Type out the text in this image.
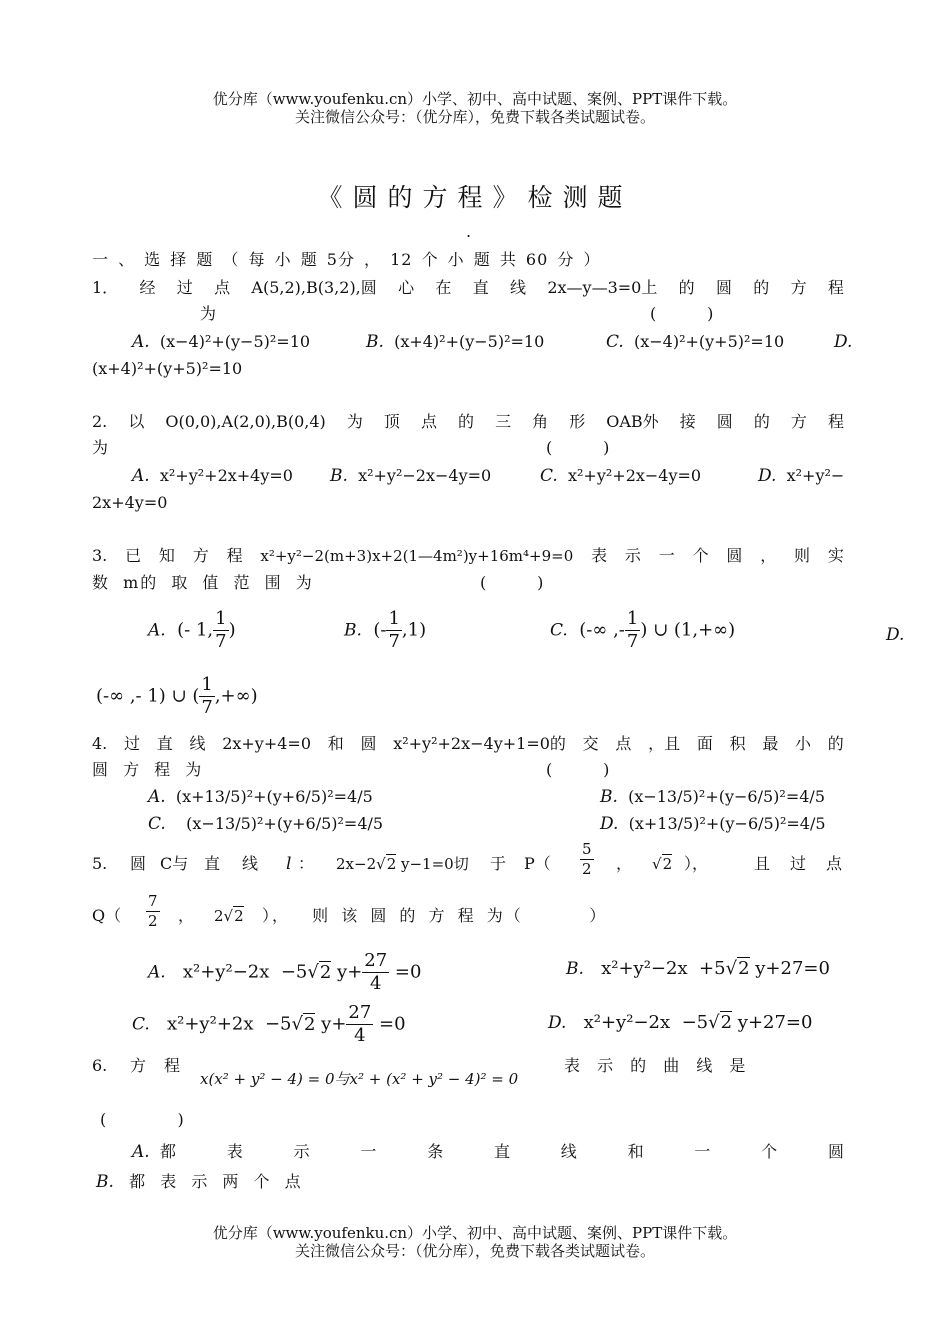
优分库（www.youfenku.cn）小学、初中、高中试题、案例、PPT课件下载。
关注微信公众号：（优分库），免费下载各类试题试卷。
《圆的方程》检测题
.
一 、 选 择 题 （ 每 小 题 5分 ， 12 个 小 题 共 60 分 ）
1． 经 过 点 A(5,2),B(3,2),圆 心 在 直 线 2x—y—3=0上 的 圆 的 方 程
为	(          )
A. (x−4)²+(y−5)²=10	B. (x+4)²+(y−5)²=10	C. (x−4)²+(y+5)²=10	D.
(x+4)²+(y+5)²=10
2. 以 O(0,0),A(2,0),B(0,4) 为 顶 点 的 三 角 形 OAB外 接 圆 的 方 程
为	(          )
A. x²+y²+2x+4y=0 B. x²+y²−2x−4y=0	C. x²+y²+2x−4y=0	D. x²+y²−
2x+4y=0
3. 已 知 方 程 x²+y²−2(m+3)x+2(1—4m²)y+16m⁴+9=0 表 示 一 个 圆 ， 则 实
数 m的 取 值 范 围 为	(          )
A. (- 1, $\frac{1}{7}$ )	B. (- $\frac{1}{7} ,1$)	C. (-∞ ,- $\frac{1}{7}$ ) ∪ (1,+∞)	D.
(-∞ ,- 1) ∪ ( $\frac{1}{7}$ ,+∞)
4. 过 直 线 2x+y+4=0 和 圆 x²+y²+2x−4y+1=0的 交 点 ，且 面 积 最 小 的
圆 方 程 为	(          )
A. (x+13/5)²+(y+6/5)²=4/5	B. (x−13/5)²+(y−6/5)²=4/5
C. (x−13/5)²+(y+6/5)²=4/5	D. (x+13/5)²+(y−6/5)²=4/5
5. 圆 C与 直 线 l ： 2x−2√2 y−1=0切 于 $P( \frac{5}{2}$ ， √2 ），	且 过 点
$Q( \frac{7}{2}$ ， 2√2 ），  则 该 圆 的 方 程 为（      ）
A. x²+y²−2x  −5√2 $y+ \frac{27}{4} =0$	B. x²+y²−2x  +5√2 y+27=0
C. x²+y²+2x  −5√2 $y+ \frac{27}{4} =0$	D. x²+y²−2x  −5√2 y+27=0
6. 方 程
x(x² + y² − 4) = 0与x² + (x² + y² − 4)² = 0
表 示 的 曲 线 是
(              )
A. 都	表	示	一	条	直	线	和	一	个	圆
B. 都 表 示 两 个 点
优分库（www.youfenku.cn）小学、初中、高中试题、案例、PPT课件下载。
关注微信公众号：（优分库），免费下载各类试题试卷。
